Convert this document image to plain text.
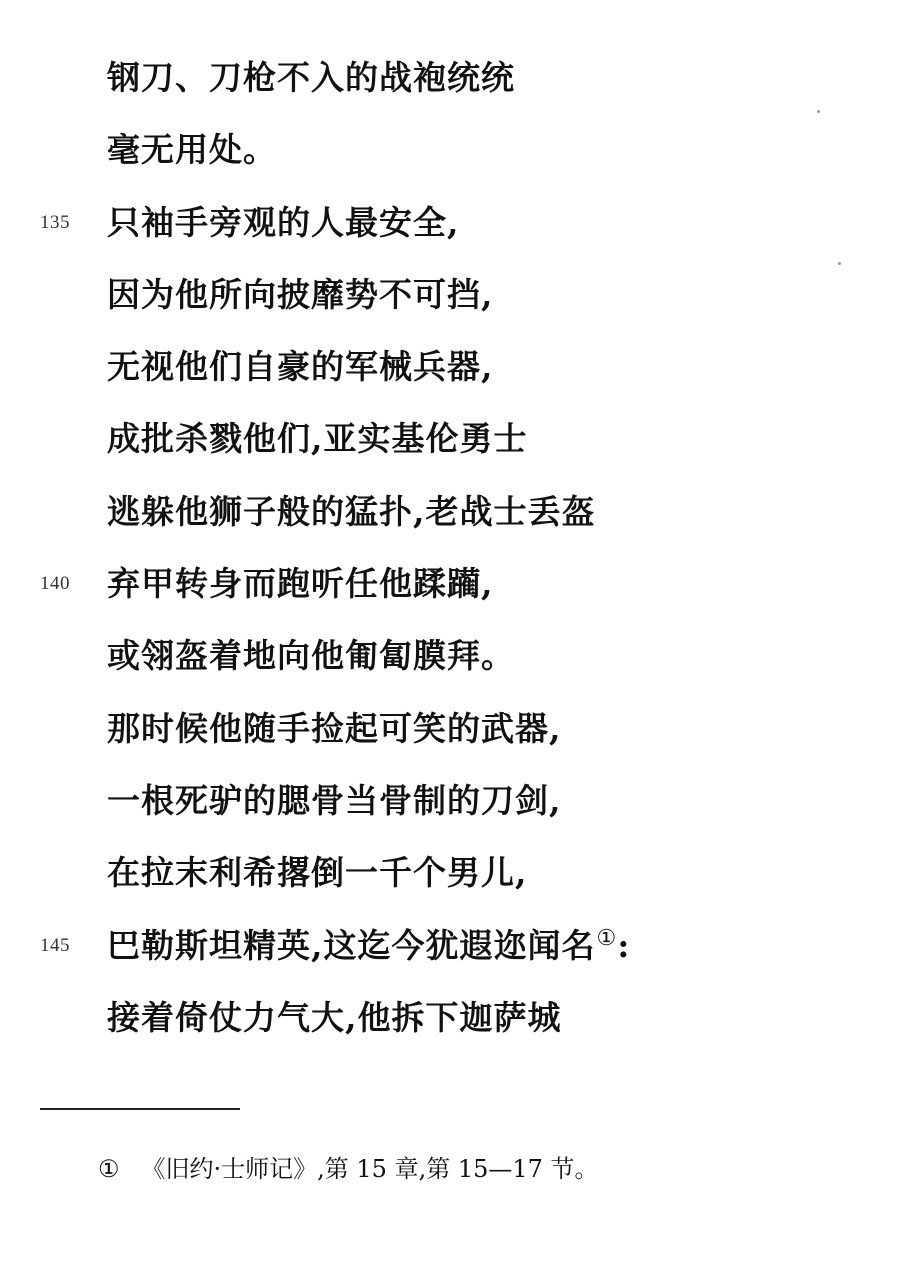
钢刀、刀枪不入的战袍统统
毫无用处。
135	只袖手旁观的人最安全,
因为他所向披靡势不可挡,
无视他们自豪的军械兵器,
成批杀戮他们,亚实基伦勇士
逃躲他狮子般的猛扑,老战士丢盔
140	弃甲转身而跑听任他蹂躏,
或翎盔着地向他匍匐膜拜。
那时候他随手捡起可笑的武器,
一根死驴的腮骨当骨制的刀剑,
在拉末利希撂倒一千个男儿,
145	巴勒斯坦精英,这迄今犹遐迩闻名①:
接着倚仗力气大,他拆下迦萨城
① 《旧约·士师记》,第 15 章,第 15—17 节。
